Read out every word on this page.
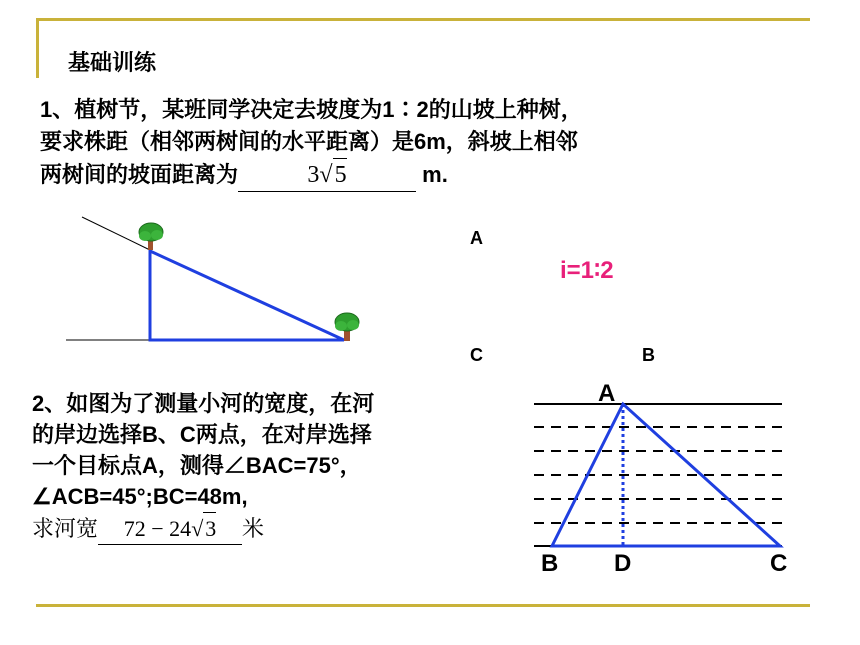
基础训练
1、植树节，某班同学决定去坡度为1∶2的山坡上种树，
要求株距（相邻两树间的水平距离）是6m，斜坡上相邻
两树间的坡面距离为	3√5	m.
A
C	B
i=1∶2
2、如图为了测量小河的宽度，在河
的岸边选择B、C两点，在对岸选择
一个目标点A，测得∠BAC=75°，
∠ACB=45°;BC=48m,
求河宽 72 − 24√3 米
A
B D	C
